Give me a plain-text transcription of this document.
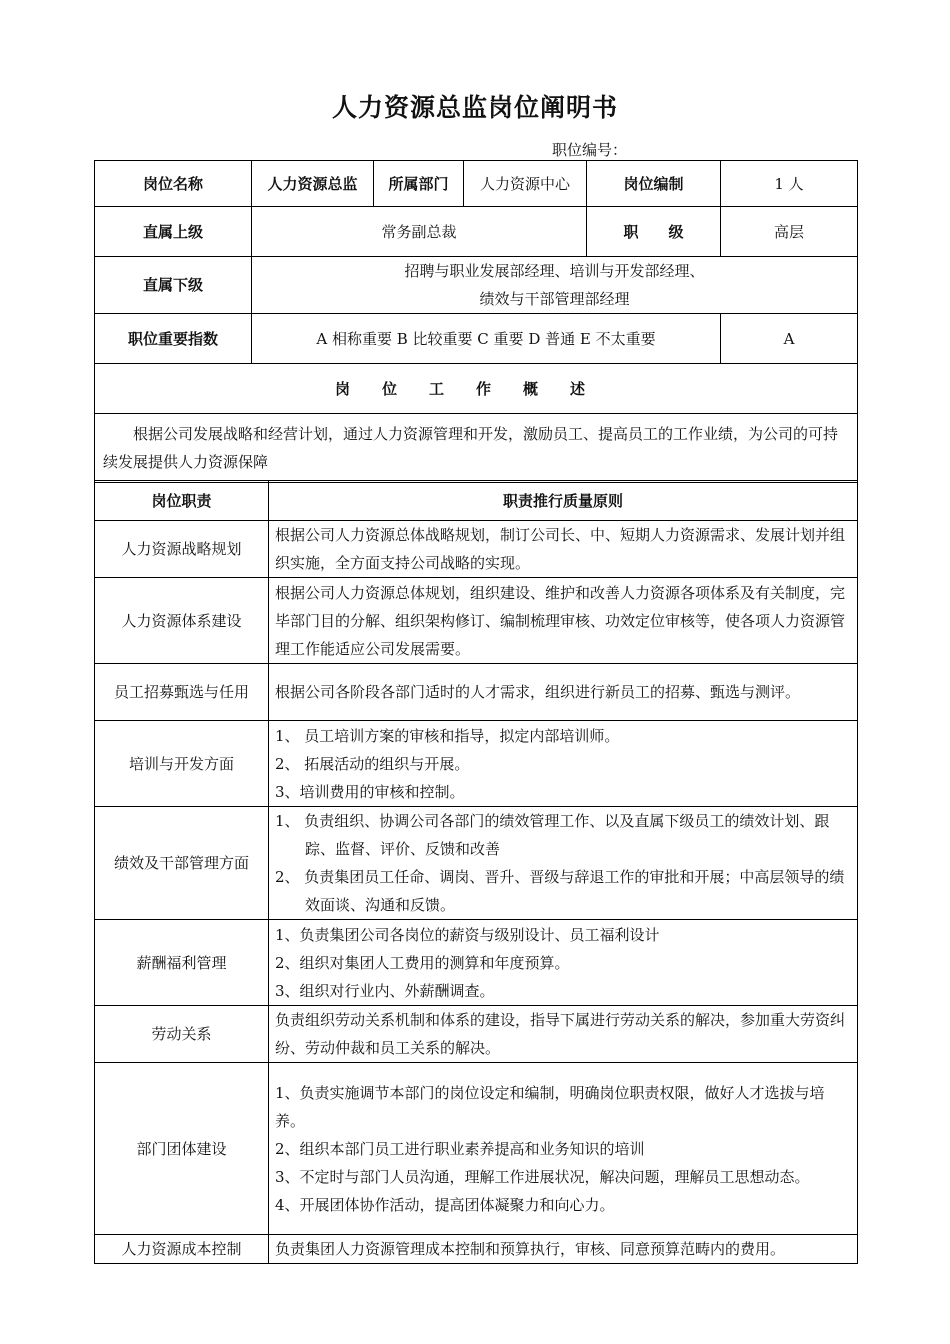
人力资源总监岗位阐明书
职位编号：
岗位名称	人力资源总监	所属部门	人力资源中心	岗位编制	1 人
直属上级	常务副总裁			职　　级	高层
直属下级	招聘与职业发展部经理、培训与开发部经理、
绩效与干部管理部经理				

职位重要指数	A 相称重要 B 比较重要 C 重要 D 普通 E 不太重要				A
岗位工作概述					
根据公司发展战略和经营计划，通过人力资源管理和开发，激励员工、提高员工的工作业绩，为公司的可持续发展提供人力资源保障					
岗位职责	职责推行质量原则
人力资源战略规划	根据公司人力资源总体战略规划，制订公司长、中、短期人力资源需求、发展计划并组织实施，全方面支持公司战略的实现。

人力资源体系建设	根据公司人力资源总体规划，组织建设、维护和改善人力资源各项体系及有关制度，完毕部门目的分解、组织架构修订、编制梳理审核、功效定位审核等，使各项人力资源管理工作能适应公司发展需要。

员工招募甄选与任用	根据公司各阶段各部门适时的人才需求，组织进行新员工的招募、甄选与测评。

培训与开发方面	1、 员工培训方案的审核和指导，拟定内部培训师。
2、 拓展活动的组织与开展。
3、培训费用的审核和控制。

绩效及干部管理方面	1、 负责组织、协调公司各部门的绩效管理工作、以及直属下级员工的绩效计划、跟踪、监督、评价、反馈和改善
2、 负责集团员工任命、调岗、晋升、晋级与辞退工作的审批和开展；中高层领导的绩效面谈、沟通和反馈。

薪酬福利管理	1、负责集团公司各岗位的薪资与级别设计、员工福利设计
2、组织对集团人工费用的测算和年度预算。
3、组织对行业内、外薪酬调查。

劳动关系	负责组织劳动关系机制和体系的建设，指导下属进行劳动关系的解决，参加重大劳资纠纷、劳动仲裁和员工关系的解决。

部门团体建设	1、负责实施调节本部门的岗位设定和编制，明确岗位职责权限，做好人才选拔与培养。
2、组织本部门员工进行职业素养提高和业务知识的培训
3、不定时与部门人员沟通，理解工作进展状况，解决问题，理解员工思想动态。
4、开展团体协作活动，提高团体凝聚力和向心力。

人力资源成本控制	负责集团人力资源管理成本控制和预算执行，审核、同意预算范畴内的费用。
